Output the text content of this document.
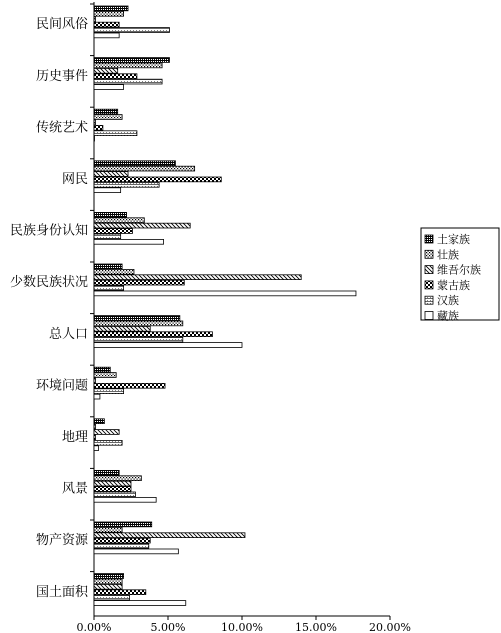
0.00%	5.00%	10.00%	15.00%	20.00%
民间风俗
历史事件
传统艺术
网民
民族身份认知
少数民族状况
总人口
环境问题
地理
风景
物产资源
国土面积
土家族
壮族
维吾尔族
蒙古族
汉族
藏族
